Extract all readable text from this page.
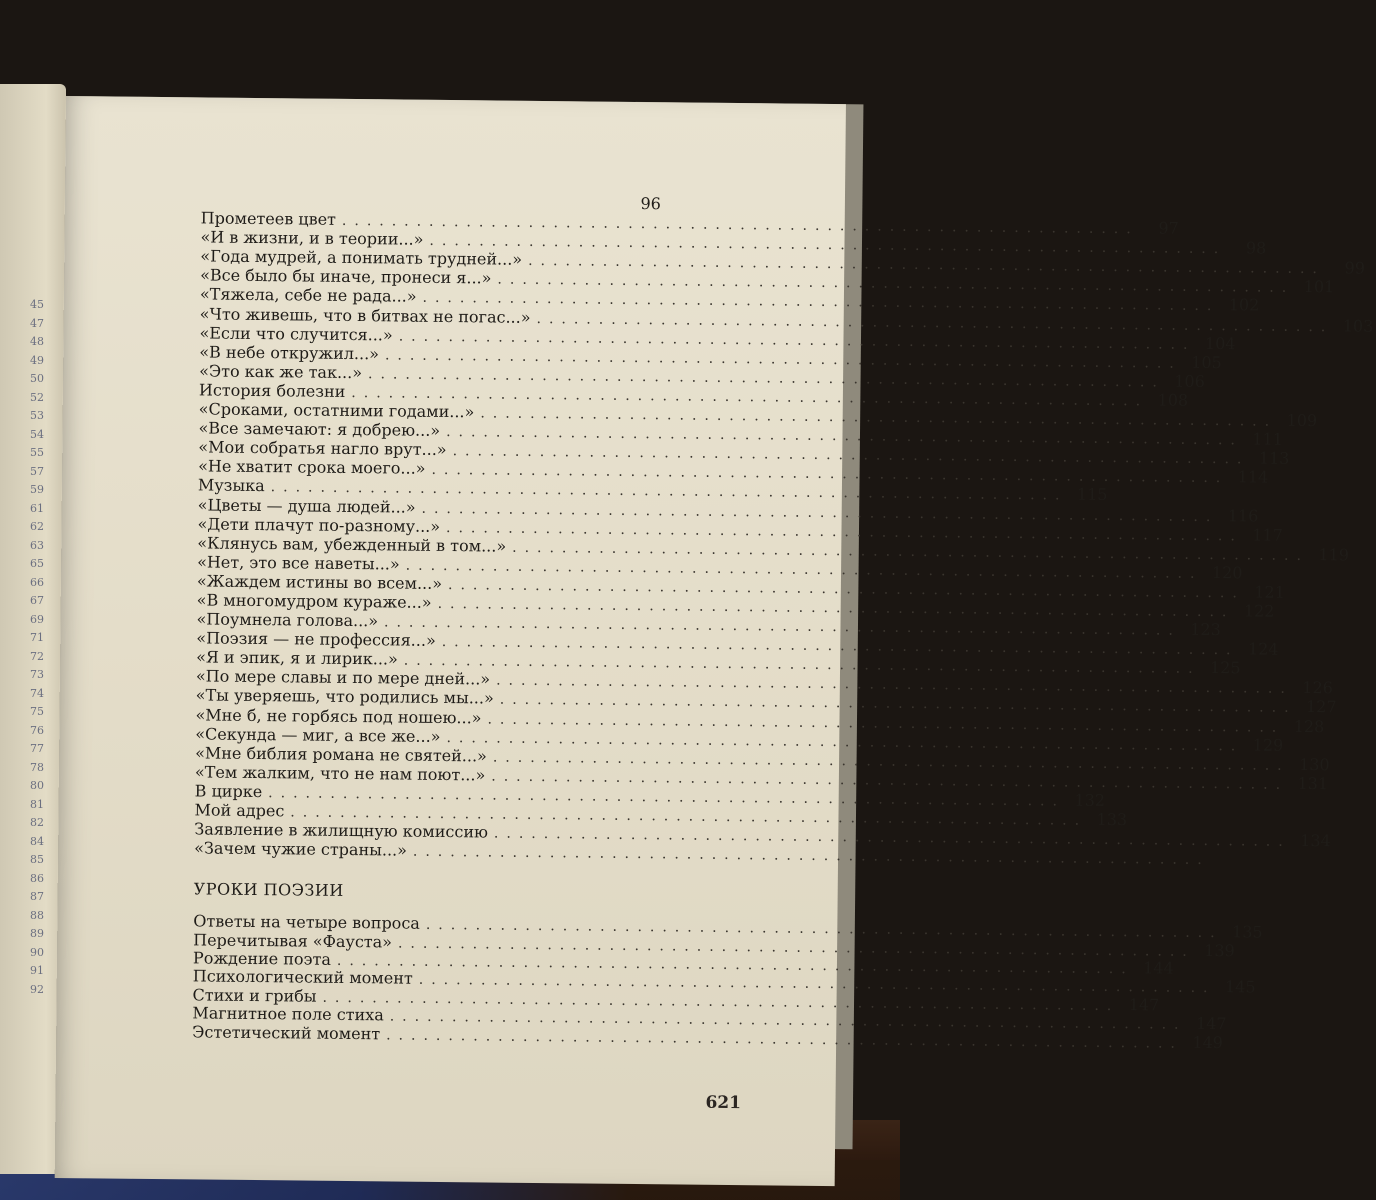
45
47
48
49
50
52
53
54
55
57
59
61
62
63
65
66
67
69
71
72
73
74
75
76
77
78
80
81
82
84
85
86
87
88
89
90
91
92
96
Прометеев цвет ................................................................	97
«И в жизни, и в теории...» ................................................................	98
«Года мудрей, а понимать трудней...» ................................................................	99
«Все было бы иначе, пронеси я...» ................................................................ 101
«Тяжела, себе не рада...» ................................................................ 102
«Что живешь, что в битвах не погас...» ................................................................ 103
«Если что случится...» ................................................................ 104
«В небе откружил...» ................................................................ 105
«Это как же так...» ................................................................ 106
История болезни ................................................................ 108
«Сроками, остатними годами...» ................................................................ 109
«Все замечают: я добрею...» ................................................................ 111
«Мои собратья нагло врут...» ................................................................ 113
«Не хватит срока моего...» ................................................................ 114
Музыка ................................................................ 115
«Цветы — душа людей...» ................................................................ 116
«Дети плачут по-разному...» ................................................................ 117
«Клянусь вам, убежденный в том...» ................................................................ 119
«Нет, это все наветы...» ................................................................ 120
«Жаждем истины во всем...» ................................................................ 121
«В многомудром кураже...» ................................................................ 122
«Поумнела голова...» ................................................................ 123
«Поэзия — не профессия...» ................................................................ 124
«Я и эпик, я и лирик...» ................................................................ 125
«По мере славы и по мере дней...» ................................................................ 126
«Ты уверяешь, что родились мы...» ................................................................ 127
«Мне б, не горбясь под ношею...» ................................................................ 128
«Секунда — миг, а все же...» ................................................................ 129
«Мне библия романа не святей...» ................................................................ 130
«Тем жалким, что не нам поют...» ................................................................ 131
В цирке ................................................................ 132
Мой адрес ................................................................ 133
Заявление в жилищную комиссию ................................................................ 134
«Зачем чужие страны...» ................................................................
УРОКИ ПОЭЗИИ
Ответы на четыре вопроса ................................................................ 135
Перечитывая «Фауста» ................................................................ 139
Рождение поэта ................................................................ 144
Психологический момент ................................................................ 145
Стихи и грибы ................................................................ 147
Магнитное поле стиха ................................................................ 147
Эстетический момент ................................................................ 149
621
